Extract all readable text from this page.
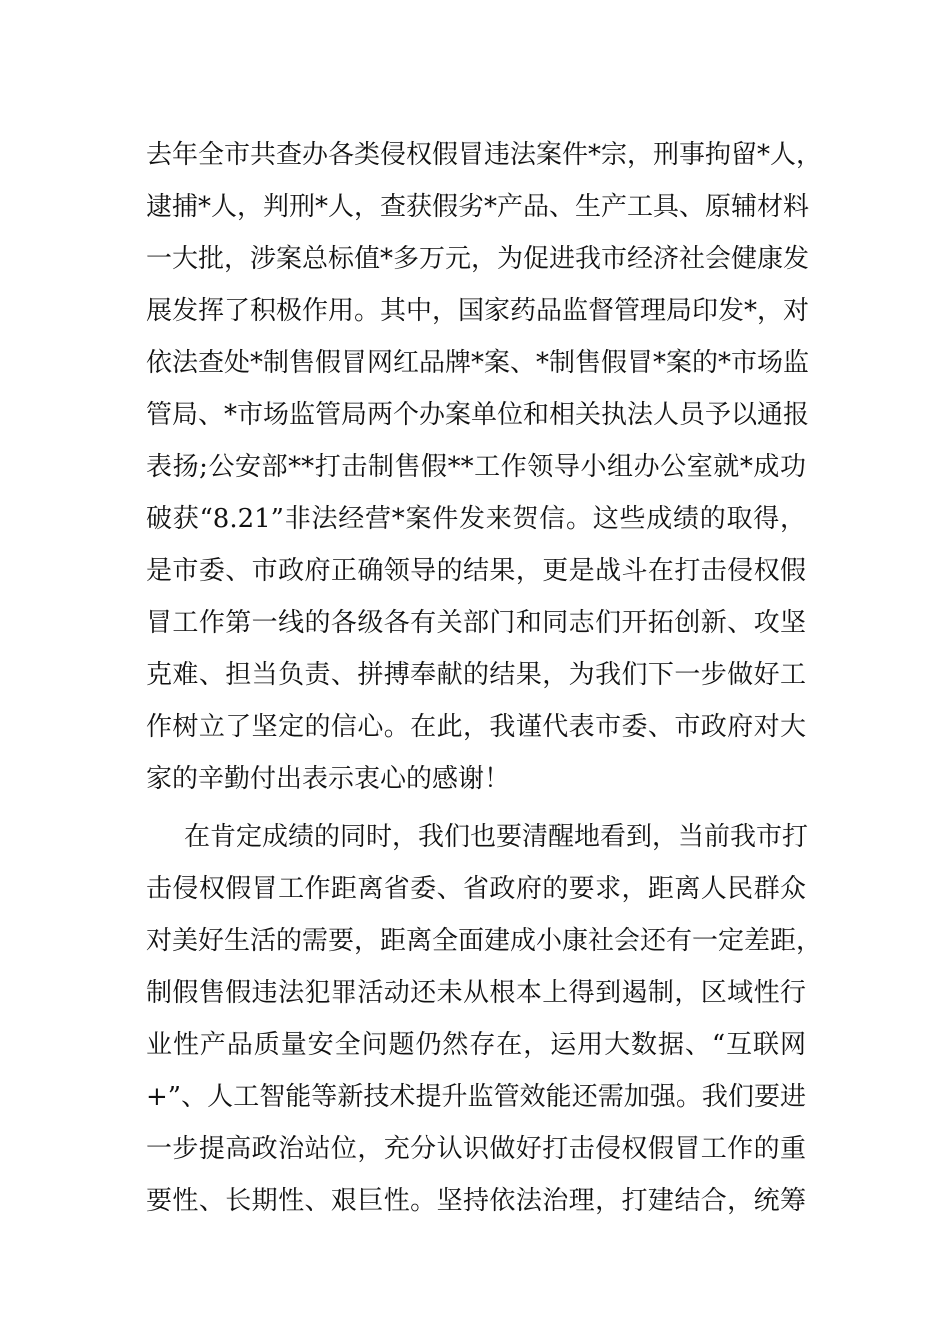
去年全市共查办各类侵权假冒违法案件*宗，刑事拘留*人，
逮捕*人，判刑*人，查获假劣*产品、生产工具、原辅材料
一大批，涉案总标值*多万元，为促进我市经济社会健康发
展发挥了积极作用。其中，国家药品监督管理局印发*，对
依法查处*制售假冒网红品牌*案、*制售假冒*案的*市场监
管局、*市场监管局两个办案单位和相关执法人员予以通报
表扬;公安部**打击制售假**工作领导小组办公室就*成功
破获“8.21”非法经营*案件发来贺信。这些成绩的取得，
是市委、市政府正确领导的结果，更是战斗在打击侵权假
冒工作第一线的各级各有关部门和同志们开拓创新、攻坚
克难、担当负责、拼搏奉献的结果，为我们下一步做好工
作树立了坚定的信心。在此，我谨代表市委、市政府对大
家的辛勤付出表示衷心的感谢！
在肯定成绩的同时，我们也要清醒地看到，当前我市打
击侵权假冒工作距离省委、省政府的要求，距离人民群众
对美好生活的需要，距离全面建成小康社会还有一定差距，
制假售假违法犯罪活动还未从根本上得到遏制，区域性行
业性产品质量安全问题仍然存在，运用大数据、“互联网
+”、人工智能等新技术提升监管效能还需加强。我们要进
一步提高政治站位，充分认识做好打击侵权假冒工作的重
要性、长期性、艰巨性。坚持依法治理，打建结合，统筹
